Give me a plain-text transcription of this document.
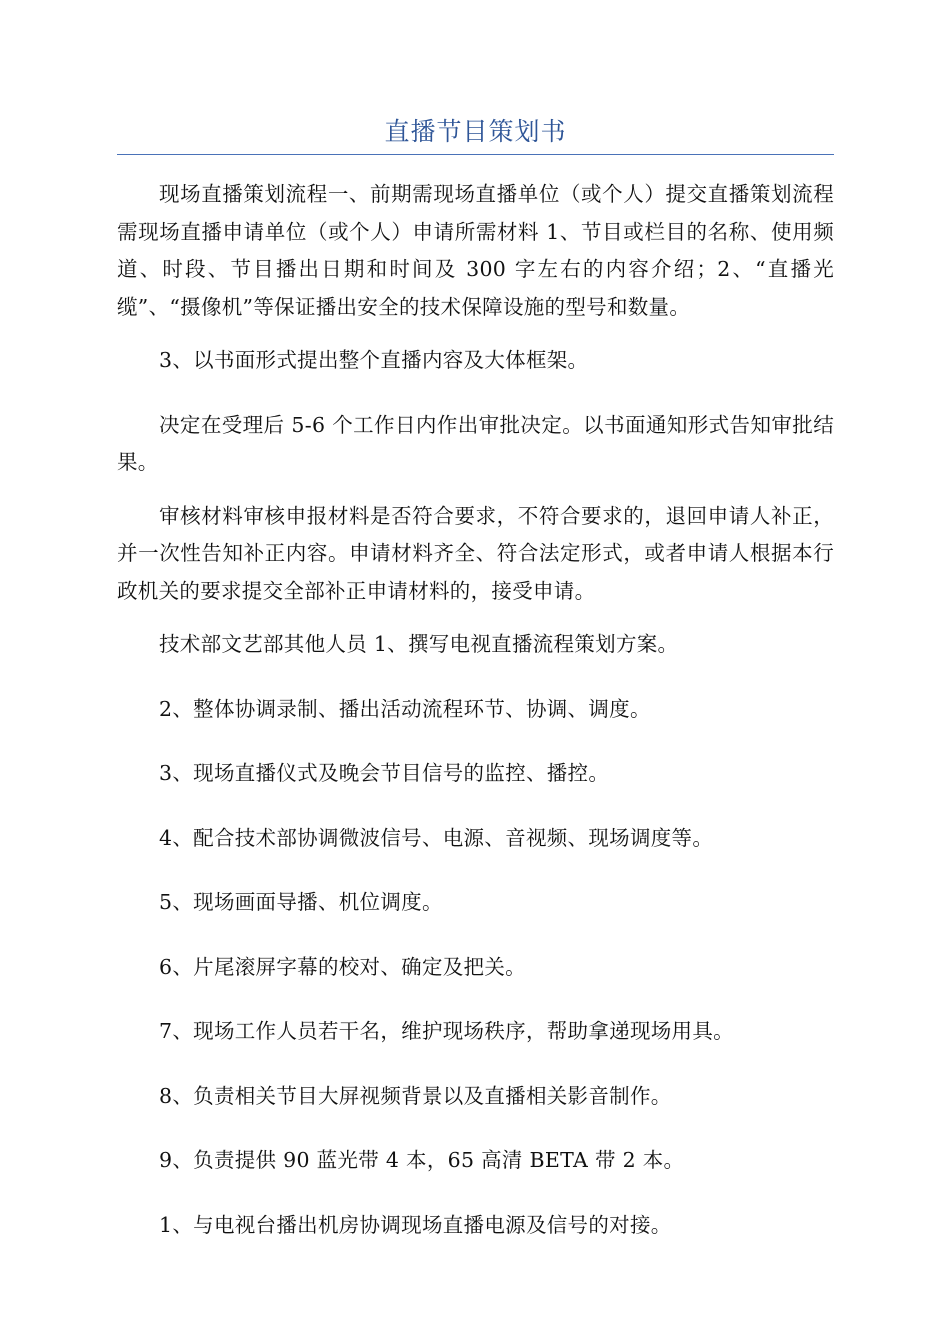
直播节目策划书

现场直播策划流程一、前期需现场直播单位（或个人）提交直播策划流程需现场直播申请单位（或个人）申请所需材料 1、节目或栏目的名称、使用频道、时段、节目播出日期和时间及 300 字左右的内容介绍；2、“直播光缆”、“摄像机”等保证播出安全的技术保障设施的型号和数量。

3、以书面形式提出整个直播内容及大体框架。

决定在受理后 5-6 个工作日内作出审批决定。以书面通知形式告知审批结果。

审核材料审核申报材料是否符合要求，不符合要求的，退回申请人补正，并一次性告知补正内容。申请材料齐全、符合法定形式，或者申请人根据本行政机关的要求提交全部补正申请材料的，接受申请。

技术部文艺部其他人员 1、撰写电视直播流程策划方案。

2、整体协调录制、播出活动流程环节、协调、调度。

3、现场直播仪式及晚会节目信号的监控、播控。

4、配合技术部协调微波信号、电源、音视频、现场调度等。

5、现场画面导播、机位调度。

6、片尾滚屏字幕的校对、确定及把关。

7、现场工作人员若干名，维护现场秩序，帮助拿递现场用具。

8、负责相关节目大屏视频背景以及直播相关影音制作。

9、负责提供 90 蓝光带 4 本，65 高清 BETA 带 2 本。

1、与电视台播出机房协调现场直播电源及信号的对接。
